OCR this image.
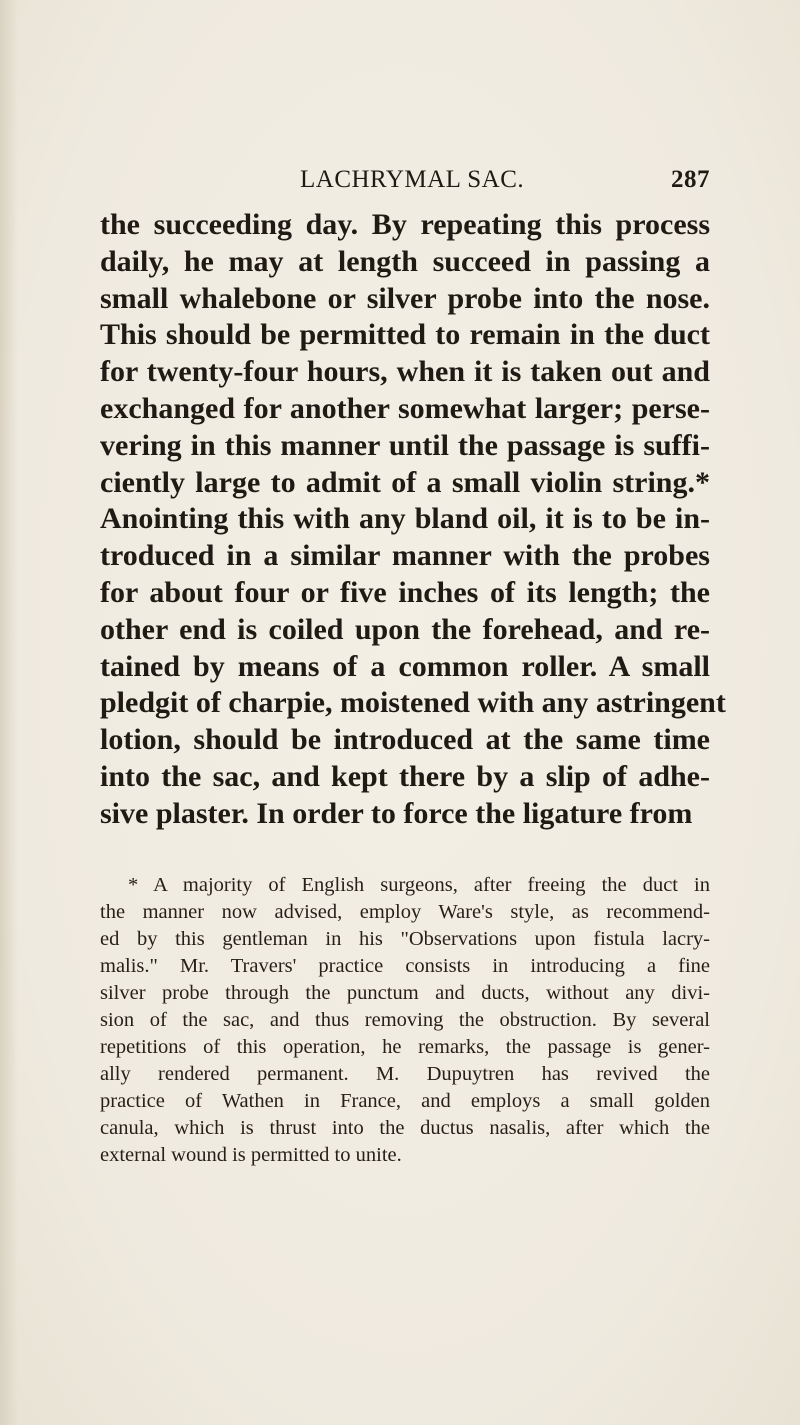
LACHRYMAL SAC.	287
the succeeding day. By repeating this process
daily, he may at length succeed in passing a
small whalebone or silver probe into the nose.
This should be permitted to remain in the duct
for twenty-four hours, when it is taken out and
exchanged for another somewhat larger; perse-
vering in this manner until the passage is suffi-
ciently large to admit of a small violin string.*
Anointing this with any bland oil, it is to be in-
troduced in a similar manner with the probes
for about four or five inches of its length; the
other end is coiled upon the forehead, and re-
tained by means of a common roller. A small
pledgit of charpie, moistened with any astringent
lotion, should be introduced at the same time
into the sac, and kept there by a slip of adhe-
sive plaster. In order to force the ligature from
* A majority of English surgeons, after freeing the duct in
the manner now advised, employ Ware's style, as recommend-
ed by this gentleman in his "Observations upon fistula lacry-
malis." Mr. Travers' practice consists in introducing a fine
silver probe through the punctum and ducts, without any divi-
sion of the sac, and thus removing the obstruction. By several
repetitions of this operation, he remarks, the passage is gener-
ally rendered permanent. M. Dupuytren has revived the
practice of Wathen in France, and employs a small golden
canula, which is thrust into the ductus nasalis, after which the
external wound is permitted to unite.
